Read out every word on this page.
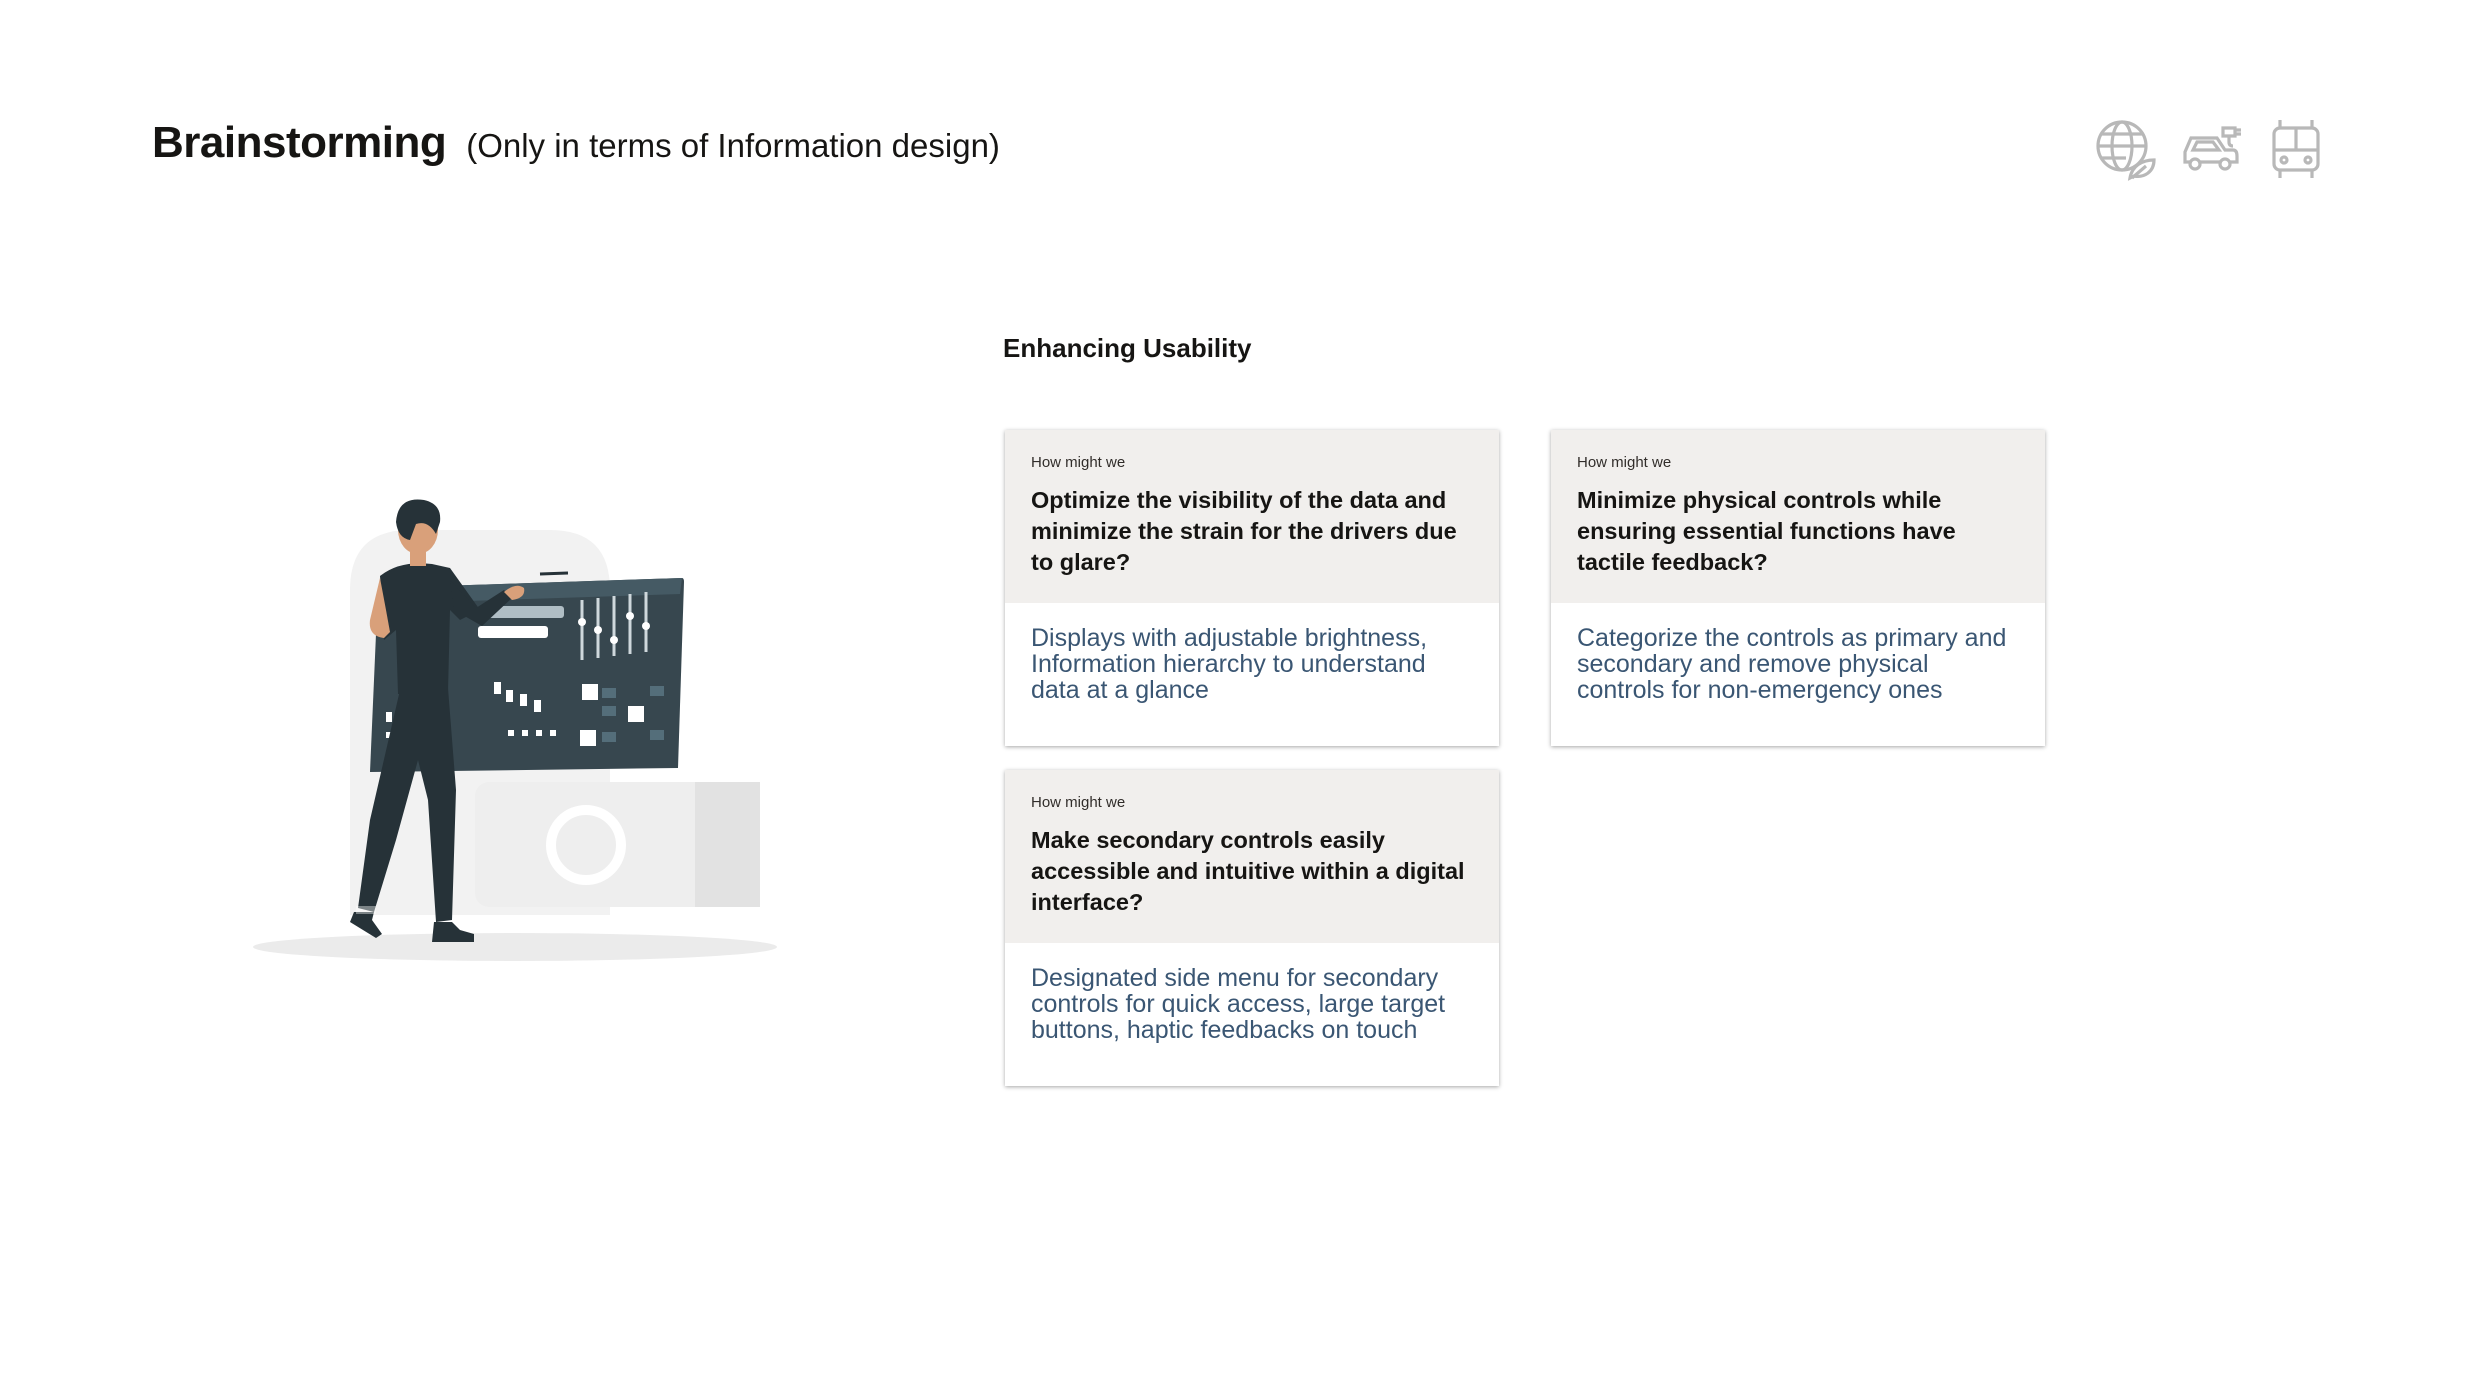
Brainstorming (Only in terms of Information design)
Enhancing Usability
How might we
Optimize the visibility of the data and minimize the strain for the drivers due to glare?
Displays with adjustable brightness, Information hierarchy to understand data at a glance
How might we
Minimize physical controls while ensuring essential functions have tactile feedback?
Categorize the controls as primary and secondary and remove physical controls for non-emergency ones
How might we
Make secondary controls easily accessible and intuitive within a digital interface?
Designated side menu for secondary controls for quick access, large target buttons, haptic feedbacks on touch
